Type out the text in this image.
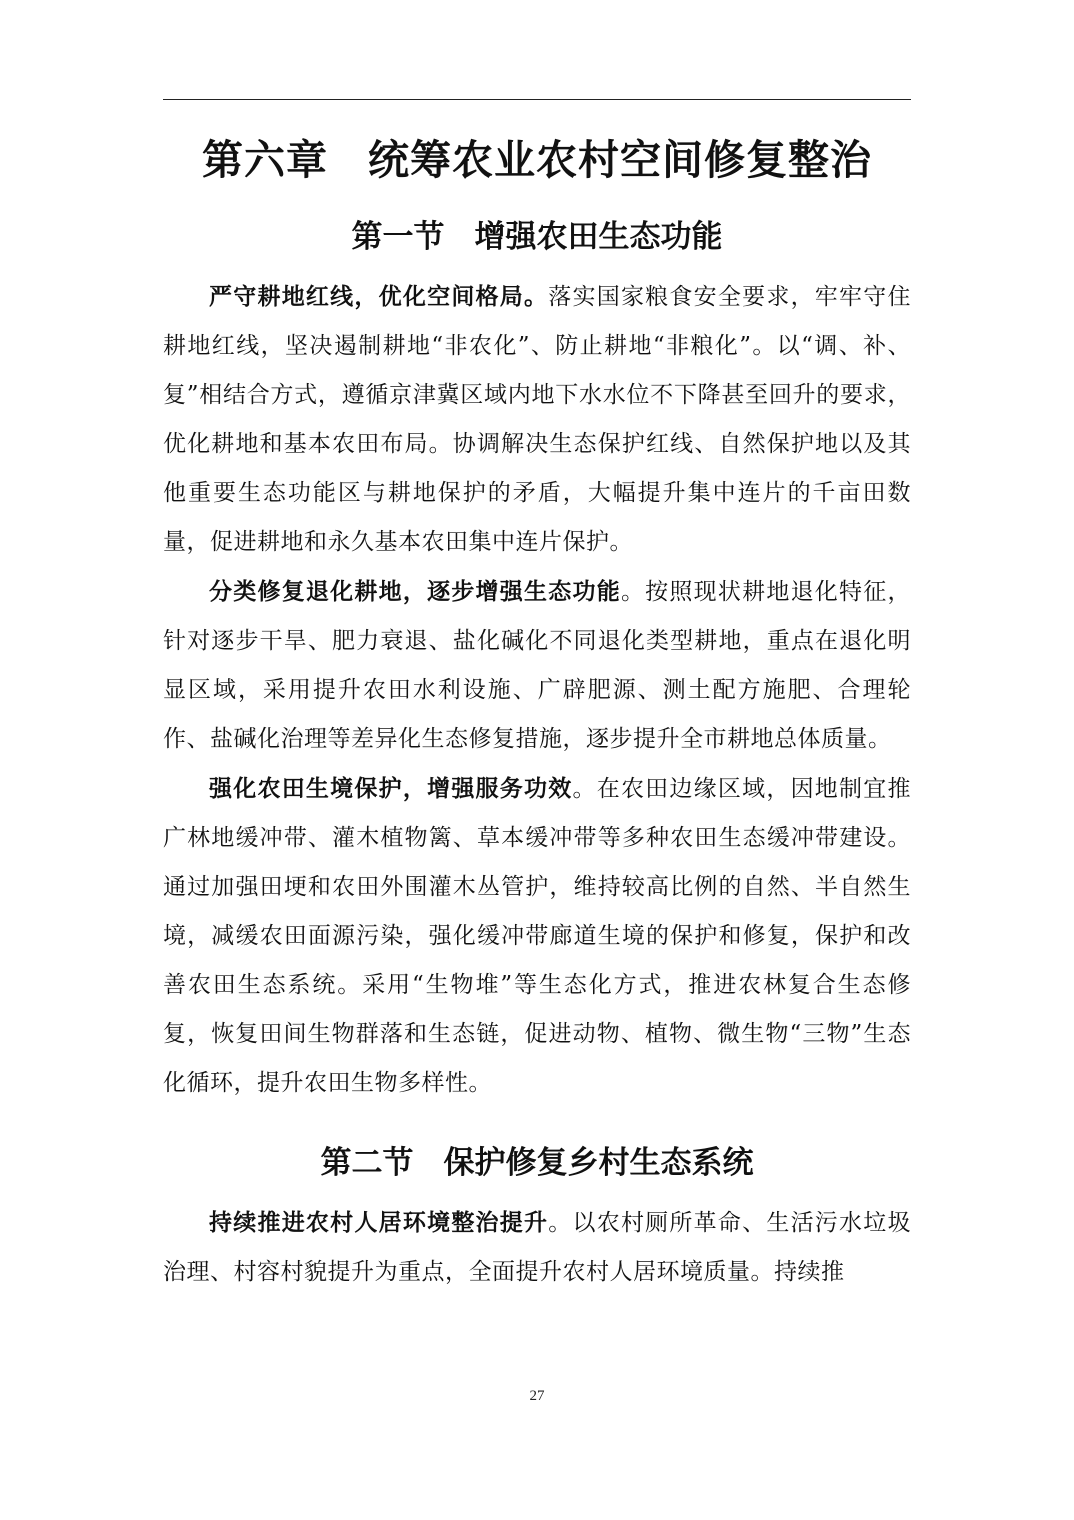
第六章 统筹农业农村空间修复整治
第一节 增强农田生态功能

严守耕地红线，优化空间格局。落实国家粮食安全要求，牢牢守住耕地红线，坚决遏制耕地“非农化”、防止耕地“非粮化”。以“调、补、复”相结合方式，遵循京津冀区域内地下水水位不下降甚至回升的要求，优化耕地和基本农田布局。协调解决生态保护红线、自然保护地以及其他重要生态功能区与耕地保护的矛盾，大幅提升集中连片的千亩田数量，促进耕地和永久基本农田集中连片保护。

分类修复退化耕地，逐步增强生态功能。按照现状耕地退化特征，针对逐步干旱、肥力衰退、盐化碱化不同退化类型耕地，重点在退化明显区域，采用提升农田水利设施、广辟肥源、测土配方施肥、合理轮作、盐碱化治理等差异化生态修复措施，逐步提升全市耕地总体质量。

强化农田生境保护，增强服务功效。在农田边缘区域，因地制宜推广林地缓冲带、灌木植物篱、草本缓冲带等多种农田生态缓冲带建设。通过加强田埂和农田外围灌木丛管护，维持较高比例的自然、半自然生境，减缓农田面源污染，强化缓冲带廊道生境的保护和修复，保护和改善农田生态系统。采用“生物堆”等生态化方式，推进农林复合生态修复，恢复田间生物群落和生态链，促进动物、植物、微生物“三物”生态化循环，提升农田生物多样性。

第二节 保护修复乡村生态系统

持续推进农村人居环境整治提升。以农村厕所革命、生活污水垃圾治理、村容村貌提升为重点，全面提升农村人居环境质量。持续推

27
